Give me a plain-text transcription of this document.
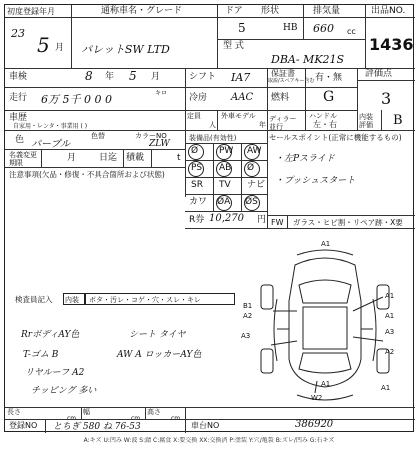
初度登録年月
23 5 月
通称車名・グレード
パレットSW LTD
ドア 形状	排気量
5	HB 660 cc
型 式
DBA- MK21S
出品NO.
1436
車検	8 年 5 月	シフト IA7	保証書
取説/スペアキー含む 有・無	評価点
3
走行 6万 5千 0 0 0	キロ 冷房 AAC 燃料 G
車歴
自家用・レンタ・事業用 ( )
定員
人
外車モデル
年
ディラー並行
ハンドル
左・右
内装評価	B
色 パープル
色替	カラーNO
ZLW
名義変更期限	月	日迄 積載	t
注意事項(欠品・修復・不具合箇所および状態)
装備品(有効性)	セールスポイント(正常に機能するもの)
Ø PW AW
PS AB Ø
SR TV ナビ
カワ ØA ØS
R券 10,270 円
・左Pスライド
・プッシュスタート
FW ガラス・ヒビ割・リペア跡・X要
検査員記入 内装 ボタ・汚レ・コゲ・穴・スレ・キレ
RrボディAY色	シート タイヤ
T-ゴム B	AW A ロッカーAY色
リヤルーフ A2
チッピング 多い
A1
B1
A2
A1
A1
A3	A3
A2
A1
A1
W2
長さ
cm
幅
cm
高さ
cm
登録NO とちぎ 580 ね 76-53	車台NO	386920
A:キズ U:凹み W:波 S:錆 C:腐食 X:要交換 XX:交換済 P:塗装 Y:穴/亀裂 B:ズレ/凹み G:石キズ
